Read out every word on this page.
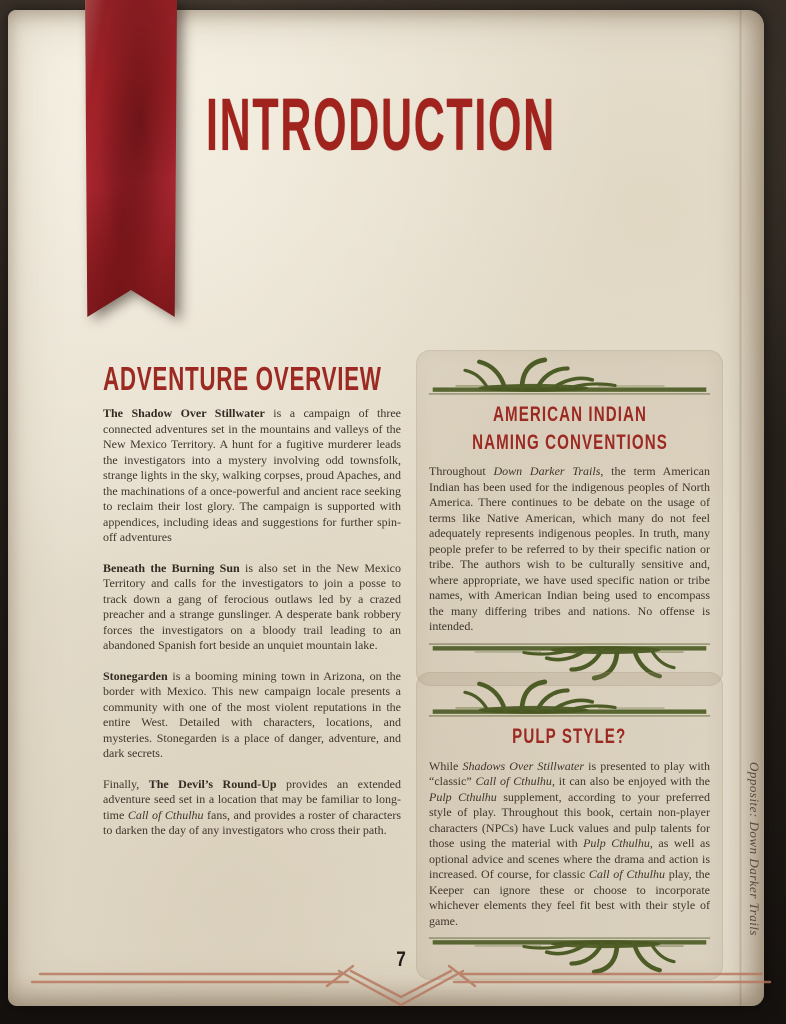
INTRODUCTION
ADVENTURE OVERVIEW

The Shadow Over Stillwater is a campaign of three connected adventures set in the mountains and valleys of the New Mexico Territory. A hunt for a fugitive murderer leads the investigators into a mystery involving odd townsfolk, strange lights in the sky, walking corpses, proud Apaches, and the machinations of a once-powerful and ancient race seeking to reclaim their lost glory. The campaign is supported with appendices, including ideas and suggestions for further spin-off adventures

Beneath the Burning Sun is also set in the New Mexico Territory and calls for the investigators to join a posse to track down a gang of ferocious outlaws led by a crazed preacher and a strange gunslinger. A desperate bank robbery forces the investigators on a bloody trail leading to an abandoned Spanish fort beside an unquiet mountain lake.

Stonegarden is a booming mining town in Arizona, on the border with Mexico. This new campaign locale presents a community with one of the most violent reputations in the entire West. Detailed with characters, locations, and mysteries. Stonegarden is a place of danger, adventure, and dark secrets.

Finally, The Devil’s Round-Up provides an extended adventure seed set in a location that may be familiar to long-time Call of Cthulhu fans, and provides a roster of characters to darken the day of any investigators who cross their path.

AMERICAN INDIAN NAMING CONVENTIONS

Throughout Down Darker Trails, the term American Indian has been used for the indigenous peoples of North America. There continues to be debate on the usage of terms like Native American, which many do not feel adequately represents indigenous peoples. In truth, many people prefer to be referred to by their specific nation or tribe. The authors wish to be culturally sensitive and, where appropriate, we have used specific nation or tribe names, with American Indian being used to encompass the many differing tribes and nations. No offense is intended.

PULP STYLE?

While Shadows Over Stillwater is presented to play with “classic” Call of Cthulhu, it can also be enjoyed with the Pulp Cthulhu supplement, according to your preferred style of play. Throughout this book, certain non-player characters (NPCs) have Luck values and pulp talents for those using the material with Pulp Cthulhu, as well as optional advice and scenes where the drama and action is increased. Of course, for classic Call of Cthulhu play, the Keeper can ignore these or choose to incorporate whichever elements they feel fit best with their style of game.

7
Opposite: Down Darker Trails
